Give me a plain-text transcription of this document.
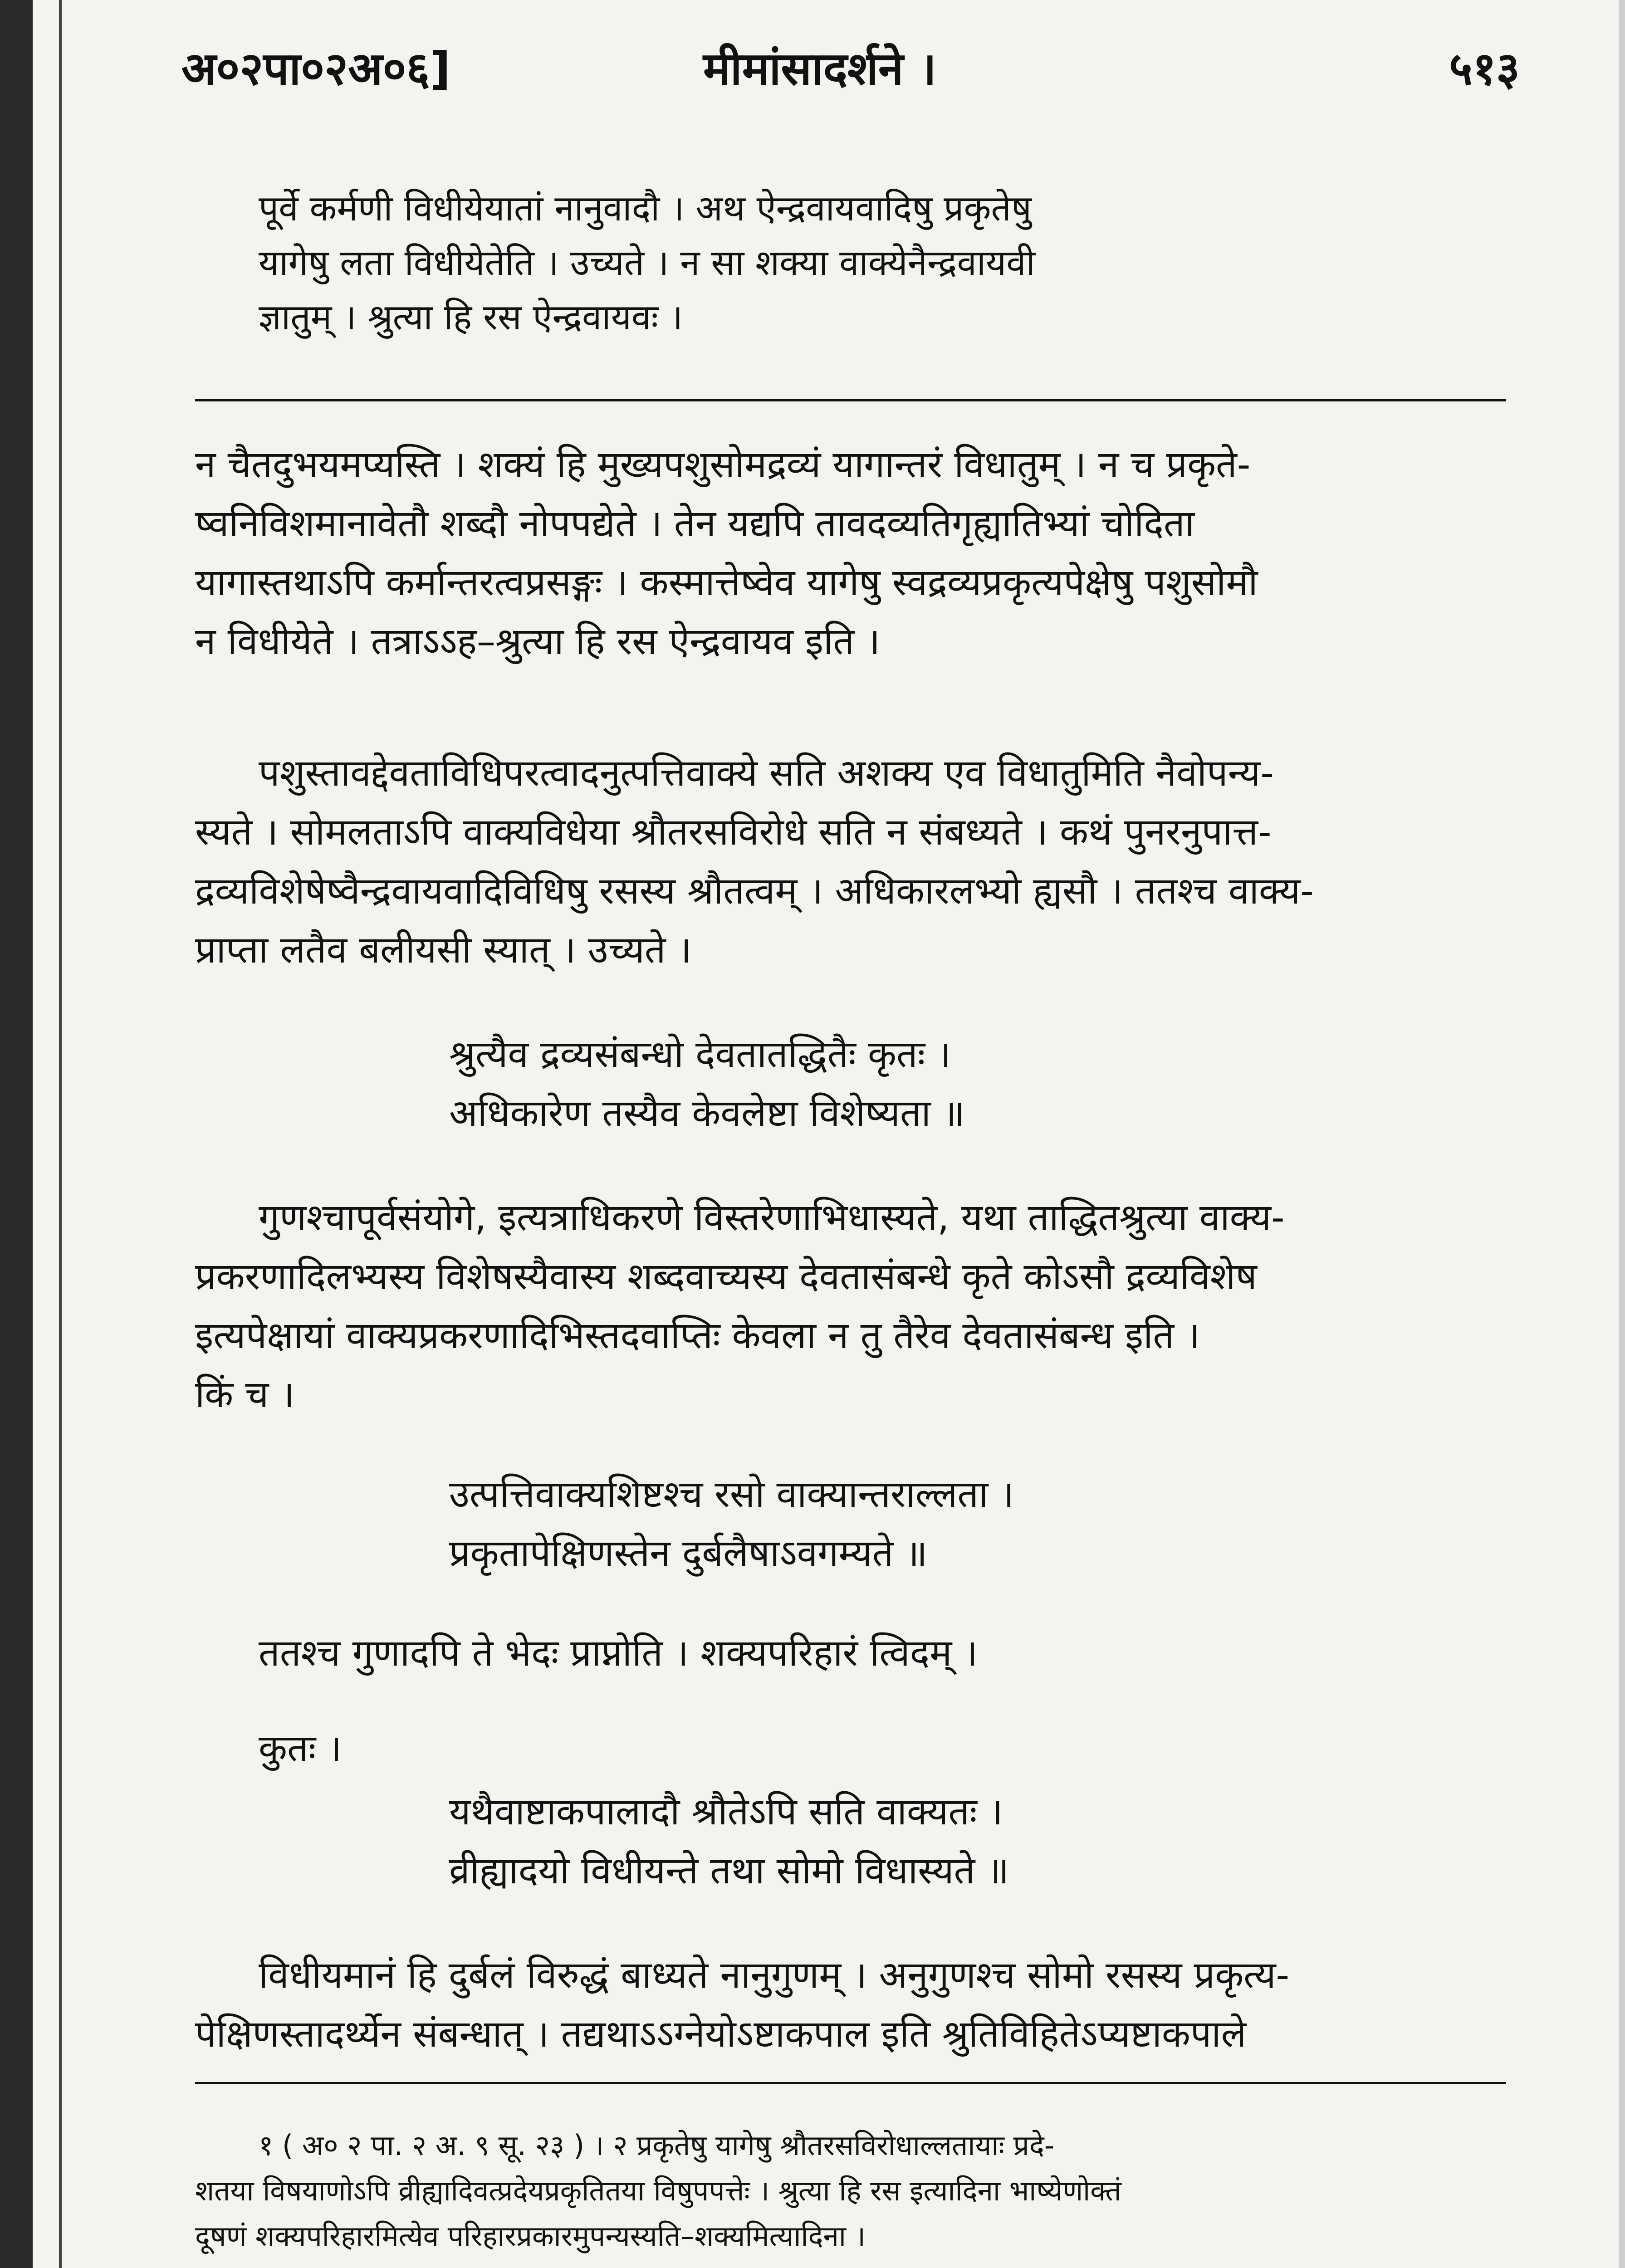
अ०२पा०२अ०६]	मीमांसादर्शने ।	५१३
पूर्वे कर्मणी विधीयेयातां नानुवादौ । अथ ऐन्द्रवायवादिषु प्रकृतेषु
यागेषु लता विधीयेतेति । उच्यते । न सा शक्या वाक्येनैन्द्रवायवी
ज्ञातुम् । श्रुत्या हि रस ऐन्द्रवायवः ।
न चैतदुभयमप्यस्ति । शक्यं हि मुख्यपशुसोमद्रव्यं यागान्तरं विधातुम् । न च प्रकृते-
ष्वनिविशमानावेतौ शब्दौ नोपपद्येते । तेन यद्यपि तावदव्यतिगृह्यातिभ्यां चोदिता
यागास्तथाऽपि कर्मान्तरत्वप्रसङ्गः । कस्मात्तेष्वेव यागेषु स्वद्रव्यप्रकृत्यपेक्षेषु पशुसोमौ
न विधीयेते । तत्राऽऽह–श्रुत्या हि रस ऐन्द्रवायव इति ।
पशुस्तावद्देवताविधिपरत्वादनुत्पत्तिवाक्ये सति अशक्य एव विधातुमिति नैवोपन्य-
स्यते । सोमलताऽपि वाक्यविधेया श्रौतरसविरोधे सति न संबध्यते । कथं पुनरनुपात्त-
द्रव्यविशेषेष्वैन्द्रवायवादिविधिषु रसस्य श्रौतत्वम् । अधिकारलभ्यो ह्यसौ । ततश्च वाक्य-
प्राप्ता लतैव बलीयसी स्यात् । उच्यते ।
श्रुत्यैव द्रव्यसंबन्धो देवतातद्धितैः कृतः ।
अधिकारेण तस्यैव केवलेष्टा विशेष्यता ॥
गुणश्चापूर्वसंयोगे, इत्यत्राधिकरणे विस्तरेणाभिधास्यते, यथा ताद्धितश्रुत्या वाक्य-
प्रकरणादिलभ्यस्य विशेषस्यैवास्य शब्दवाच्यस्य देवतासंबन्धे कृते कोऽसौ द्रव्यविशेष
इत्यपेक्षायां वाक्यप्रकरणादिभिस्तदवाप्तिः केवला न तु तैरेव देवतासंबन्ध इति ।
किं च ।
उत्पत्तिवाक्यशिष्टश्च रसो वाक्यान्तराल्लता ।
प्रकृतापेक्षिणस्तेन दुर्बलैषाऽवगम्यते ॥
ततश्च गुणादपि ते भेदः प्राप्नोति । शक्यपरिहारं त्विदम् ।
कुतः ।
यथैवाष्टाकपालादौ श्रौतेऽपि सति वाक्यतः ।
व्रीह्यादयो विधीयन्ते तथा सोमो विधास्यते ॥
विधीयमानं हि दुर्बलं विरुद्धं बाध्यते नानुगुणम् । अनुगुणश्च सोमो रसस्य प्रकृत्य-
पेक्षिणस्तादर्थ्येन संबन्धात् । तद्यथाऽऽग्नेयोऽष्टाकपाल इति श्रुतिविहितेऽप्यष्टाकपाले
१ ( अ० २ पा. २ अ. ९ सू. २३ ) । २ प्रकृतेषु यागेषु श्रौतरसविरोधाल्लतायाः प्रदे-
शतया विषयाणोऽपि व्रीह्यादिवत्प्रदेयप्रकृतितया विषुपपत्तेः । श्रुत्या हि रस इत्यादिना भाष्येणोक्तं
दूषणं शक्यपरिहारमित्येव परिहारप्रकारमुपन्यस्यति–शक्यमित्यादिना ।
